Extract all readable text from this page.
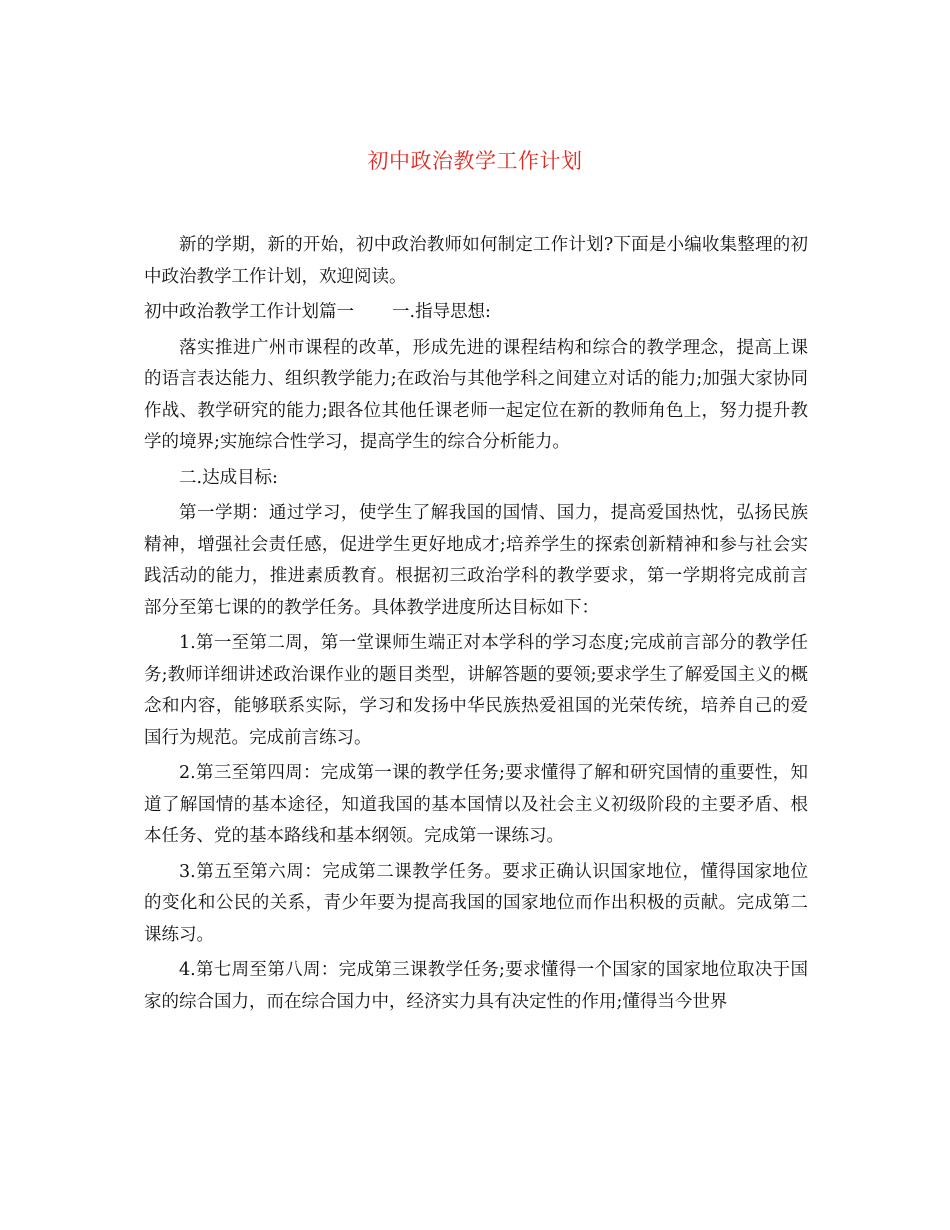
初中政治教学工作计划

新的学期，新的开始，初中政治教师如何制定工作计划?下面是小编收集整理的初中政治教学工作计划，欢迎阅读。

初中政治教学工作计划篇一 一.指导思想:

落实推进广州市课程的改革，形成先进的课程结构和综合的教学理念，提高上课的语言表达能力、组织教学能力;在政治与其他学科之间建立对话的能力;加强大家协同作战、教学研究的能力;跟各位其他任课老师一起定位在新的教师角色上，努力提升教学的境界;实施综合性学习，提高学生的综合分析能力。

二.达成目标:

第一学期：通过学习，使学生了解我国的国情、国力，提高爱国热忱，弘扬民族精神，增强社会责任感，促进学生更好地成才;培养学生的探索创新精神和参与社会实践活动的能力，推进素质教育。根据初三政治学科的教学要求，第一学期将完成前言部分至第七课的的教学任务。具体教学进度所达目标如下：

1.第一至第二周，第一堂课师生端正对本学科的学习态度;完成前言部分的教学任务;教师详细讲述政治课作业的题目类型，讲解答题的要领;要求学生了解爱国主义的概念和内容，能够联系实际，学习和发扬中华民族热爱祖国的光荣传统，培养自己的爱国行为规范。完成前言练习。

2.第三至第四周：完成第一课的教学任务;要求懂得了解和研究国情的重要性，知道了解国情的基本途径，知道我国的基本国情以及社会主义初级阶段的主要矛盾、根本任务、党的基本路线和基本纲领。完成第一课练习。

3.第五至第六周：完成第二课教学任务。要求正确认识国家地位，懂得国家地位的变化和公民的关系，青少年要为提高我国的国家地位而作出积极的贡献。完成第二课练习。

4.第七周至第八周：完成第三课教学任务;要求懂得一个国家的国家地位取决于国家的综合国力，而在综合国力中，经济实力具有决定性的作用;懂得当今世界
